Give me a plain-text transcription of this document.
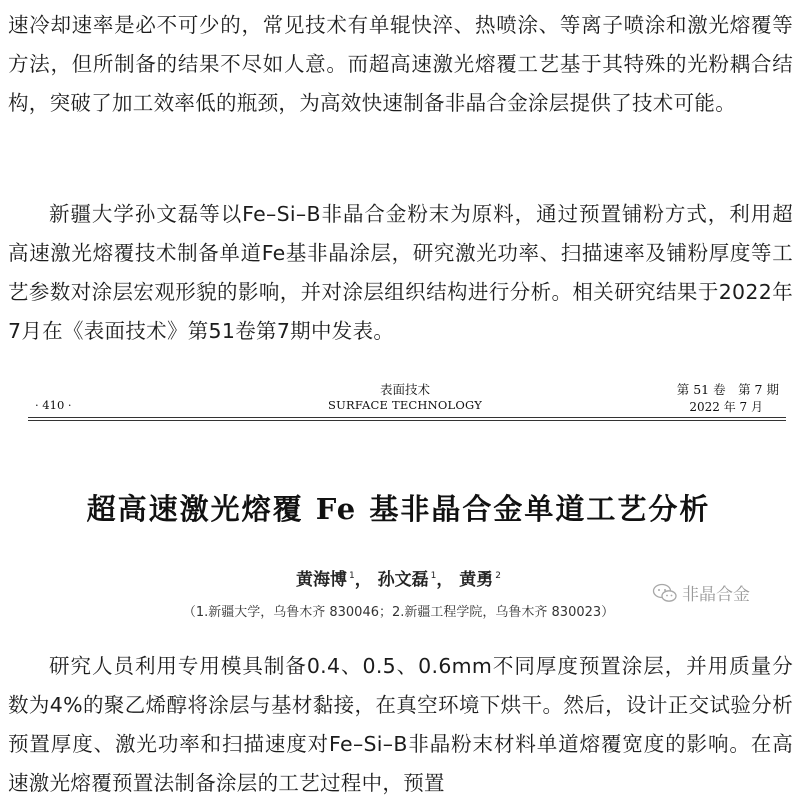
速冷却速率是必不可少的，常见技术有单辊快淬、热喷涂、等离子喷涂和激光熔覆等方法，但所制备的结果不尽如人意。而超高速激光熔覆工艺基于其特殊的光粉耦合结构，突破了加工效率低的瓶颈，为高效快速制备非晶合金涂层提供了技术可能。
新疆大学孙文磊等以Fe–Si–B非晶合金粉末为原料，通过预置铺粉方式，利用超高速激光熔覆技术制备单道Fe基非晶涂层，研究激光功率、扫描速率及铺粉厚度等工艺参数对涂层宏观形貌的影响，并对涂层组织结构进行分析。相关研究结果于2022年7月在《表面技术》第51卷第7期中发表。
表面技术
SURFACE TECHNOLOGY
· 410 ·
第 51 卷　第 7 期
2022 年 7 月
超高速激光熔覆 Fe 基非晶合金单道工艺分析
黄海博 $^1$， 孙文磊 $^1$， 黄勇 $^2$
（1.新疆大学，乌鲁木齐 830046；2.新疆工程学院，乌鲁木齐 830023）
非晶合金
研究人员利用专用模具制备0.4、0.5、0.6mm不同厚度预置涂层，并用质量分数为4%的聚乙烯醇将涂层与基材黏接，在真空环境下烘干。然后，设计正交试验分析预置厚度、激光功率和扫描速度对Fe–Si–B非晶粉末材料单道熔覆宽度的影响。在高速激光熔覆预置法制备涂层的工艺过程中，预置
